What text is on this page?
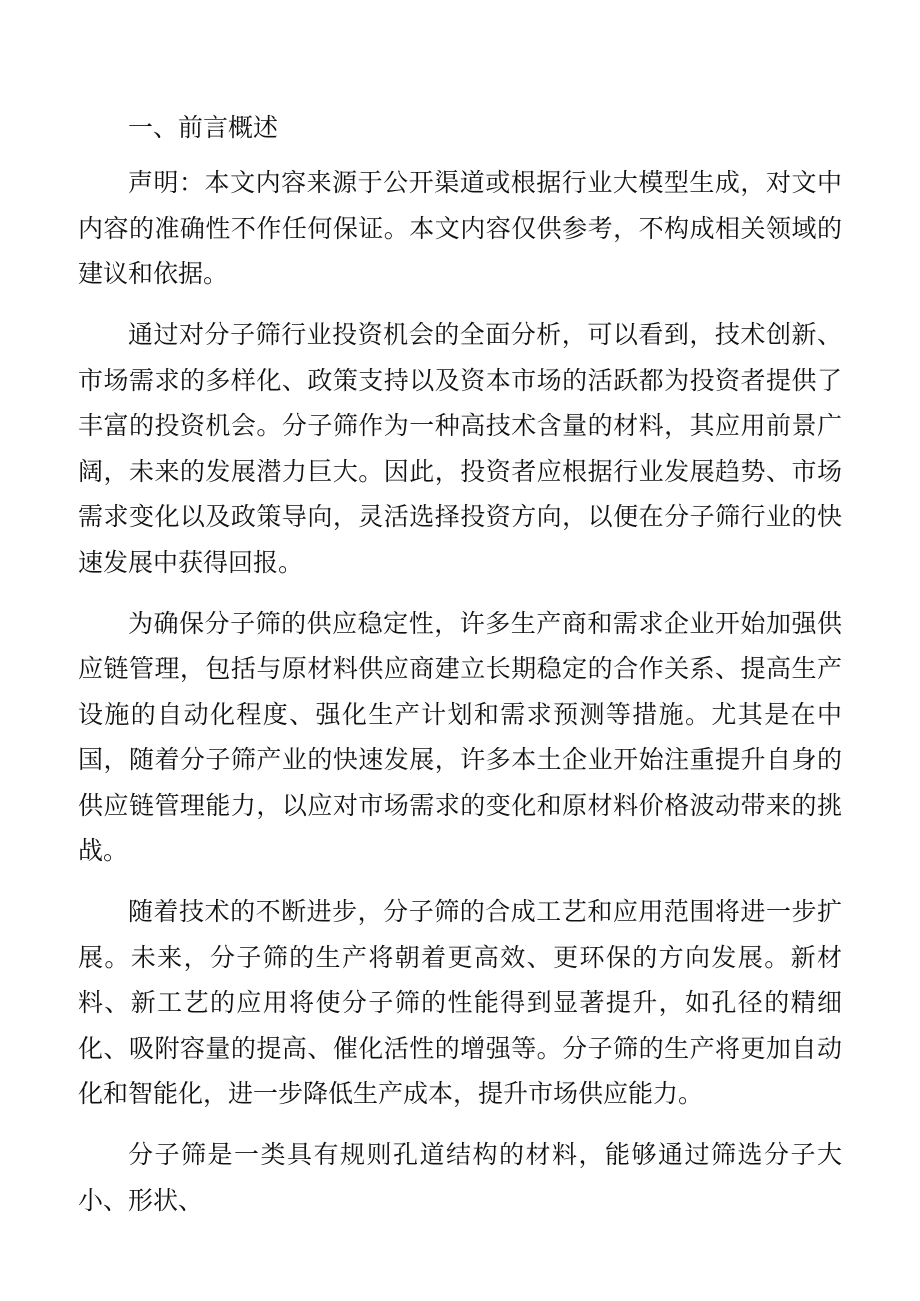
一、前言概述

声明：本文内容来源于公开渠道或根据行业大模型生成，对文中内容的准确性不作任何保证。本文内容仅供参考，不构成相关领域的建议和依据。

通过对分子筛行业投资机会的全面分析，可以看到，技术创新、市场需求的多样化、政策支持以及资本市场的活跃都为投资者提供了丰富的投资机会。分子筛作为一种高技术含量的材料，其应用前景广阔，未来的发展潜力巨大。因此，投资者应根据行业发展趋势、市场需求变化以及政策导向，灵活选择投资方向，以便在分子筛行业的快速发展中获得回报。

为确保分子筛的供应稳定性，许多生产商和需求企业开始加强供应链管理，包括与原材料供应商建立长期稳定的合作关系、提高生产设施的自动化程度、强化生产计划和需求预测等措施。尤其是在中国，随着分子筛产业的快速发展，许多本土企业开始注重提升自身的供应链管理能力，以应对市场需求的变化和原材料价格波动带来的挑战。

随着技术的不断进步，分子筛的合成工艺和应用范围将进一步扩展。未来，分子筛的生产将朝着更高效、更环保的方向发展。新材料、新工艺的应用将使分子筛的性能得到显著提升，如孔径的精细化、吸附容量的提高、催化活性的增强等。分子筛的生产将更加自动化和智能化，进一步降低生产成本，提升市场供应能力。

分子筛是一类具有规则孔道结构的材料，能够通过筛选分子大小、形状、
